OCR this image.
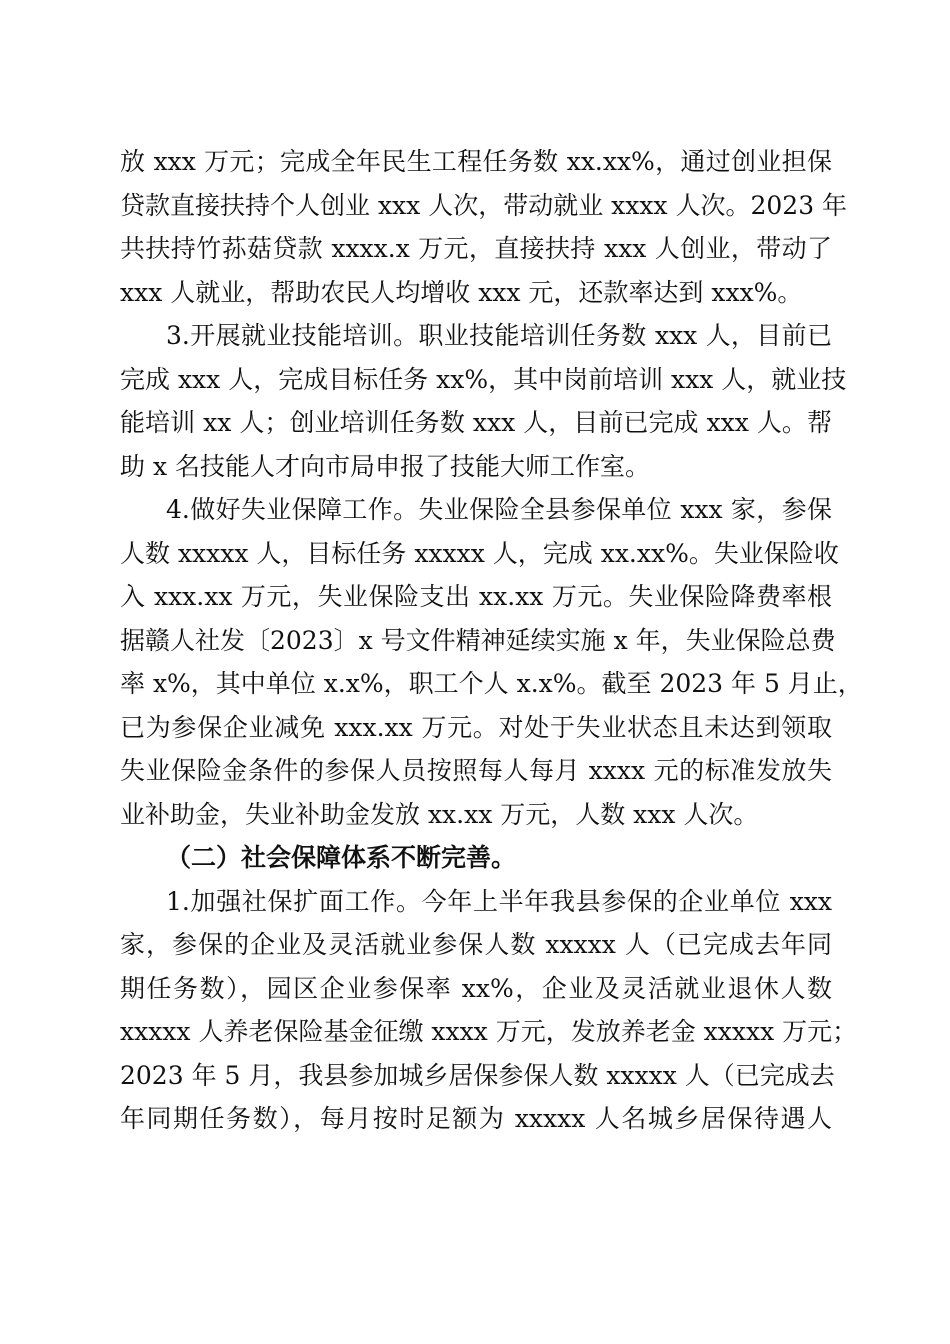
放 xxx 万元；完成全年民生工程任务数 xx.xx%，通过创业担保
贷款直接扶持个人创业 xxx 人次，带动就业 xxxx 人次。2023 年
共扶持竹荪菇贷款 xxxx.x 万元，直接扶持 xxx 人创业，带动了
xxx 人就业，帮助农民人均增收 xxx 元，还款率达到 xxx%。
3.开展就业技能培训。职业技能培训任务数 xxx 人，目前已
完成 xxx 人，完成目标任务 xx%，其中岗前培训 xxx 人，就业技
能培训 xx 人；创业培训任务数 xxx 人，目前已完成 xxx 人。帮
助 x 名技能人才向市局申报了技能大师工作室。
4.做好失业保障工作。失业保险全县参保单位 xxx 家，参保
人数 xxxxx 人，目标任务 xxxxx 人，完成 xx.xx%。失业保险收
入 xxx.xx 万元，失业保险支出 xx.xx 万元。失业保险降费率根
据赣人社发〔2023〕x 号文件精神延续实施 x 年，失业保险总费
率 x%，其中单位 x.x%，职工个人 x.x%。截至 2023 年 5 月止，
已为参保企业减免 xxx.xx 万元。对处于失业状态且未达到领取
失业保险金条件的参保人员按照每人每月 xxxx 元的标准发放失
业补助金，失业补助金发放 xx.xx 万元，人数 xxx 人次。
（二）社会保障体系不断完善。
1.加强社保扩面工作。今年上半年我县参保的企业单位 xxx
家，参保的企业及灵活就业参保人数 xxxxx 人（已完成去年同
期任务数），园区企业参保率 xx%，企业及灵活就业退休人数
xxxxx 人养老保险基金征缴 xxxx 万元，发放养老金 xxxxx 万元；
2023 年 5 月，我县参加城乡居保参保人数 xxxxx 人（已完成去
年同期任务数），每月按时足额为 xxxxx 人名城乡居保待遇人
